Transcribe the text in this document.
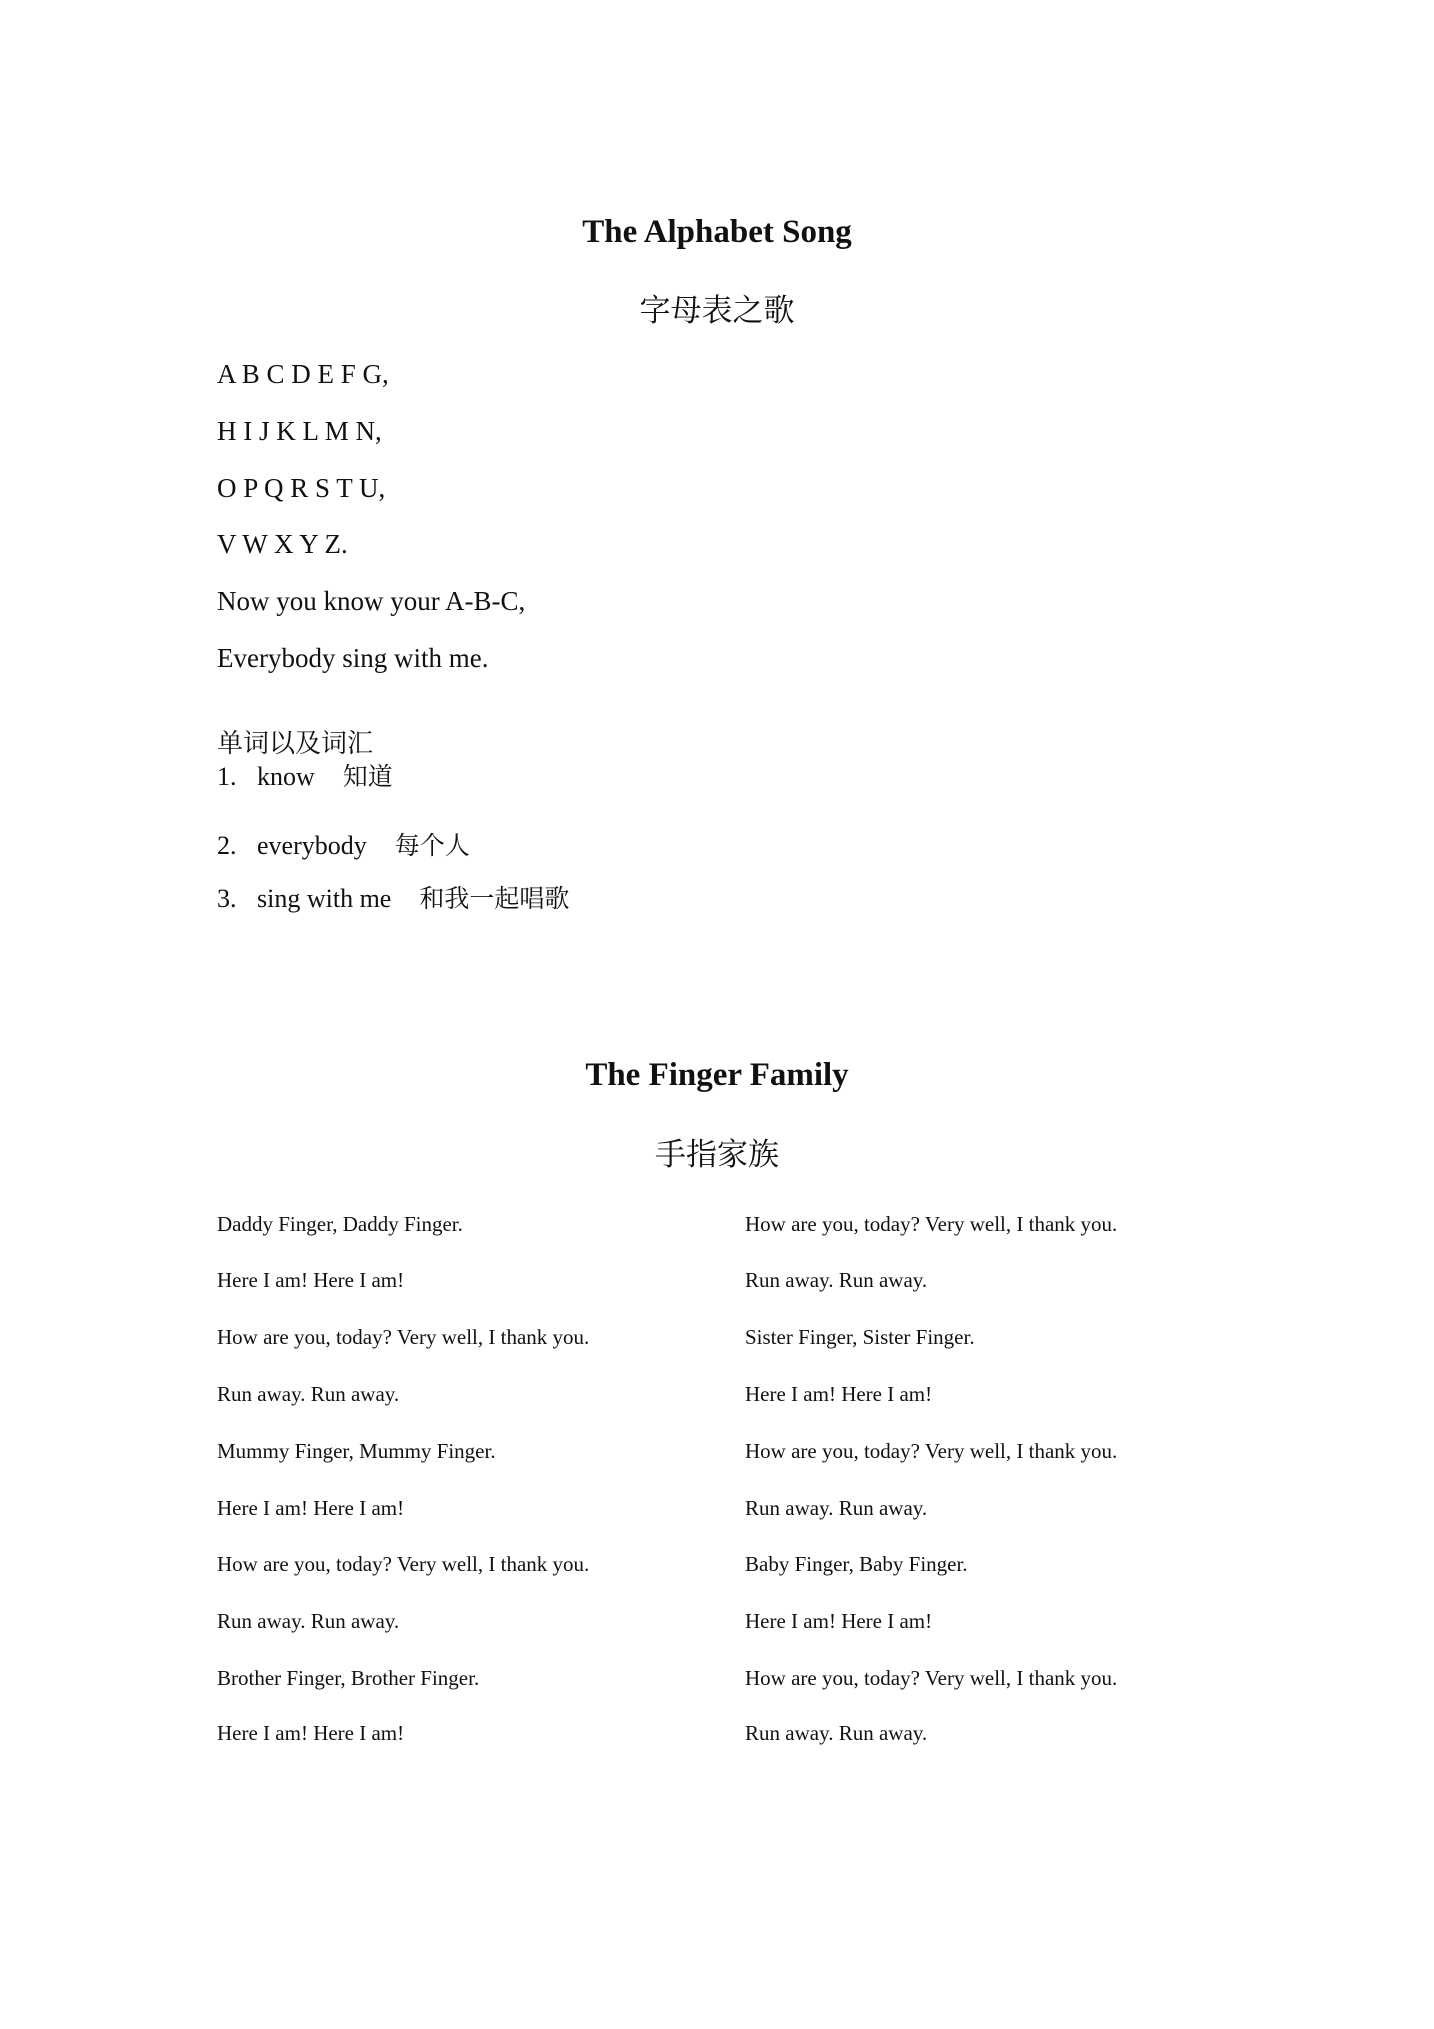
The Alphabet Song
字母表之歌
A B C D E F G,
H I J K L M N,
O P Q R S T U,
V W X Y Z.
Now you know your A-B-C,
Everybody sing with me.
单词以及词汇
1. know 知道
2. everybody 每个人
3. sing with me 和我一起唱歌
The Finger Family
手指家族
Daddy Finger, Daddy Finger.
Here I am! Here I am!
How are you, today? Very well, I thank you.
Run away. Run away.
Mummy Finger, Mummy Finger.
Here I am! Here I am!
How are you, today? Very well, I thank you.
Run away. Run away.
Brother Finger, Brother Finger.
Here I am! Here I am!
How are you, today? Very well, I thank you.
Run away. Run away.
Sister Finger, Sister Finger.
Here I am! Here I am!
How are you, today? Very well, I thank you.
Run away. Run away.
Baby Finger, Baby Finger.
Here I am! Here I am!
How are you, today? Very well, I thank you.
Run away. Run away.
